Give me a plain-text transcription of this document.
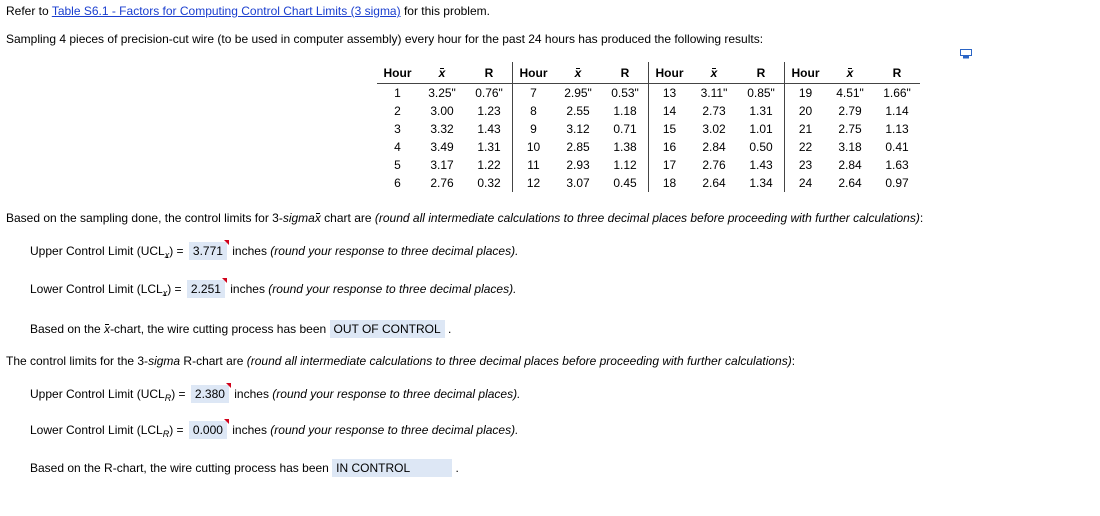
Refer to Table S6.1 - Factors for Computing Control Chart Limits (3 sigma) for this problem.
Sampling 4 pieces of precision-cut wire (to be used in computer assembly) every hour for the past 24 hours has produced the following results:
Hour	x	R	Hour	x	R	Hour	x	R	Hour	x	R
1	3.25"	0.76"	7	2.95"	0.53"	13	3.11"	0.85"	19	4.51"	1.66"
2	3.00	1.23	8	2.55	1.18	14	2.73	1.31	20	2.79	1.14
3	3.32	1.43	9	3.12	0.71	15	3.02	1.01	21	2.75	1.13
4	3.49	1.31	10	2.85	1.38	16	2.84	0.50	22	3.18	0.41
5	3.17	1.22	11	2.93	1.12	17	2.76	1.43	23	2.84	1.63
6	2.76	0.32	12	3.07	0.45	18	2.64	1.34	24	2.64	0.97
Based on the sampling done, the control limits for 3-sigmax chart are (round all intermediate calculations to three decimal places before proceeding with further calculations):
Upper Control Limit $(UCL_x) = 3.771$
inches (round your response to three decimal places).
Lower Control Limit $(LCL_x) = 2.251$
inches (round your response to three decimal places).
Based on the x-chart, the wire cutting process has been OUT OF CONTROL .
The control limits for the 3-sigma R-chart are (round all intermediate calculations to three decimal places before proceeding with further calculations):
Upper Control Limit $(UCL_R) = 2.380$
inches (round your response to three decimal places).
Lower Control Limit $(LCL_R) = 0.000$
inches (round your response to three decimal places).
Based on the R-chart, the wire cutting process has been IN CONTROL	.
